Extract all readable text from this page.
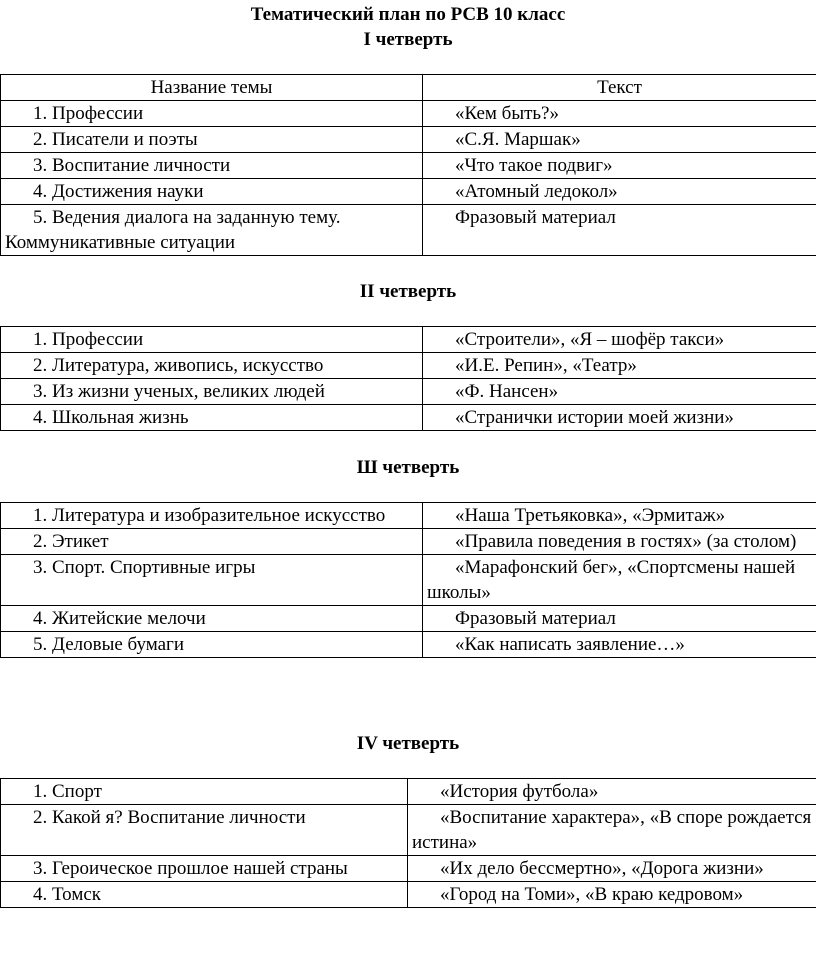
Тематический план по РСВ 10 класс
I четверть
Название темы	Текст
1. Профессии	«Кем быть?»
2. Писатели и поэты	«С.Я. Маршак»
3. Воспитание личности	«Что такое подвиг»
4. Достижения науки	«Атомный ледокол»
5. Ведения диалога на заданную тему. Коммуникативные ситуации	Фразовый материал
II четверть
1. Профессии	«Строители», «Я – шофёр такси»
2. Литература, живопись, искусство	«И.Е. Репин», «Театр»
3. Из жизни ученых, великих людей	«Ф. Нансен»
4. Школьная жизнь	«Странички истории моей жизни»
Ш четверть
1. Литература и изобразительное искусство	«Наша Третьяковка», «Эрмитаж»
2. Этикет	«Правила поведения в гостях» (за столом)
3. Спорт. Спортивные игры	«Марафонский бег», «Спортсмены нашей школы»
4. Житейские мелочи	Фразовый материал
5. Деловые бумаги	«Как написать заявление…»
IV четверть
1. Спорт	«История футбола»
2. Какой я? Воспитание личности	«Воспитание характера», «В споре рождается истина»
3. Героическое прошлое нашей страны	«Их дело бессмертно», «Дорога жизни»
4. Томск	«Город на Томи», «В краю кедровом»
